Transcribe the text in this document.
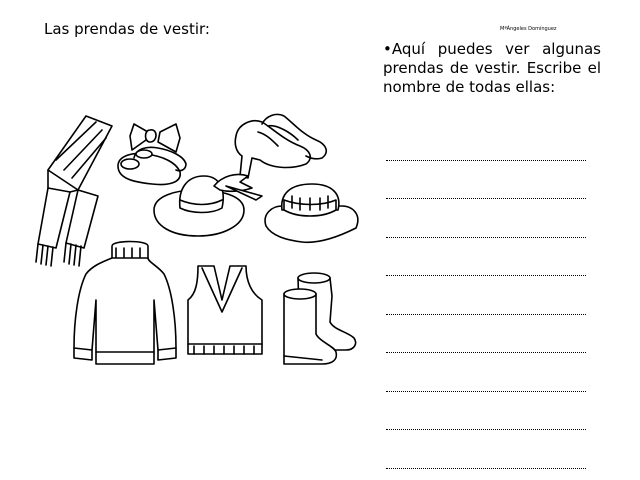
Las prendas de vestir:	MªÁngeles Domínguez
•Aquí puedes ver algunas prendas de vestir. Escribe el nombre de todas ellas:
